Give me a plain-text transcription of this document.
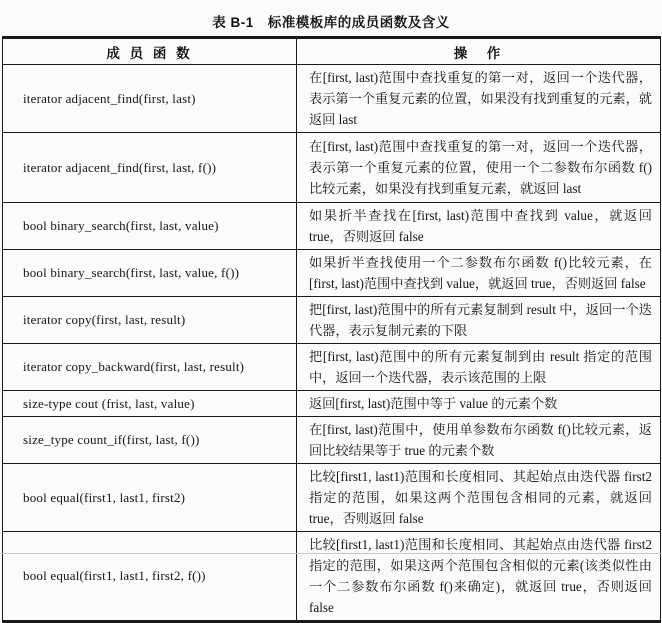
表 B-1　标准模板库的成员函数及含义
成 员 函 数	操　作
iterator adjacent_find(first, last)	在[first, last)范围中查找重复的第一对，返回一个迭代器，表示第一个重复元素的位置，如果没有找到重复的元素，就返回 last
iterator adjacent_find(first, last, f())	在[first, last)范围中查找重复的第一对，返回一个迭代器，表示第一个重复元素的位置，使用一个二参数布尔函数 f()比较元素，如果没有找到重复元素，就返回 last
bool binary_search(first, last, value)	如果折半查找在[first, last)范围中查找到 value，就返回 true，否则返回 false
bool binary_search(first, last, value, f())	如果折半查找使用一个二参数布尔函数 f()比较元素，在[first, last)范围中查找到 value，就返回 true，否则返回 false
iterator copy(first, last, result)	把[first, last)范围中的所有元素复制到 result 中，返回一个迭代器，表示复制元素的下限
iterator copy_backward(first, last, result)	把[first, last)范围中的所有元素复制到由 result 指定的范围中，返回一个迭代器，表示该范围的上限
size-type cout (frist, last, value)	返回[first, last)范围中等于 value 的元素个数
size_type count_if(first, last, f())	在[first, last)范围中，使用单参数布尔函数 f()比较元素，返回比较结果等于 true 的元素个数
bool equal(first1, last1, first2)	比较[first1, last1)范围和长度相同、其起始点由迭代器 first2 指定的范围，如果这两个范围包含相同的元素，就返回 true，否则返回 false
bool equal(first1, last1, first2, f())	比较[first1, last1)范围和长度相同、其起始点由迭代器 first2 指定的范围，如果这两个范围包含相似的元素(该类似性由一个二参数布尔函数 f()来确定)，就返回 true，否则返回 false
